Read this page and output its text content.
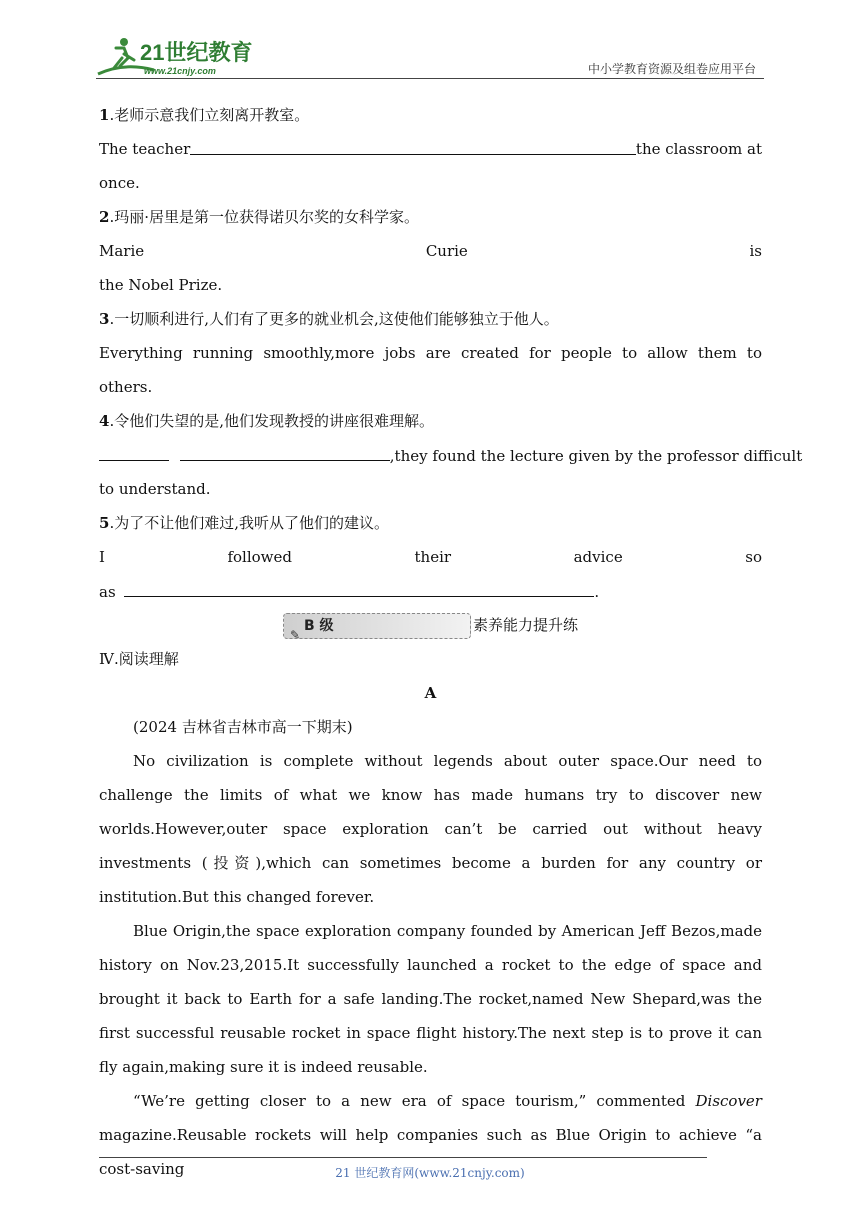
21世纪教育
www.21cnjy.com	中小学教育资源及组卷应用平台
1.老师示意我们立刻离开教室。
The teacher	the classroom at
once.
2.玛丽·居里是第一位获得诺贝尔奖的女科学家。
Marie	Curie	is
the Nobel Prize.
3.一切顺利进行,人们有了更多的就业机会,这使他们能够独立于他人。
Everything running smoothly,more jobs are created for people to allow them to
others.
4.令他们失望的是,他们发现教授的讲座很难理解。
,they found the lecture given by the professor difficult
to understand.
5.为了不让他们难过,我听从了他们的建议。
I	followed	their	advice	so
as	.
✎
B 级	素养能力提升练
Ⅳ.阅读理解
A
(2024 吉林省吉林市高一下期末)

No civilization is complete without legends about outer space.Our need to challenge the limits of what we know has made humans try to discover new worlds.However,outer space exploration can’t be carried out without heavy investments (投资),which can sometimes become a burden for any country or institution.But this changed forever.

Blue Origin,the space exploration company founded by American Jeff Bezos,made history on Nov.23,2015.It successfully launched a rocket to the edge of space and brought it back to Earth for a safe landing.The rocket,named New Shepard,was the first successful reusable rocket in space flight history.The next step is to prove it can fly again,making sure it is indeed reusable.

“We’re getting closer to a new era of space tourism,” commented Discover
magazine.Reusable rockets will help companies such as Blue Origin to achieve “a cost-saving	21 世纪教育网(www.21cnjy.com)
